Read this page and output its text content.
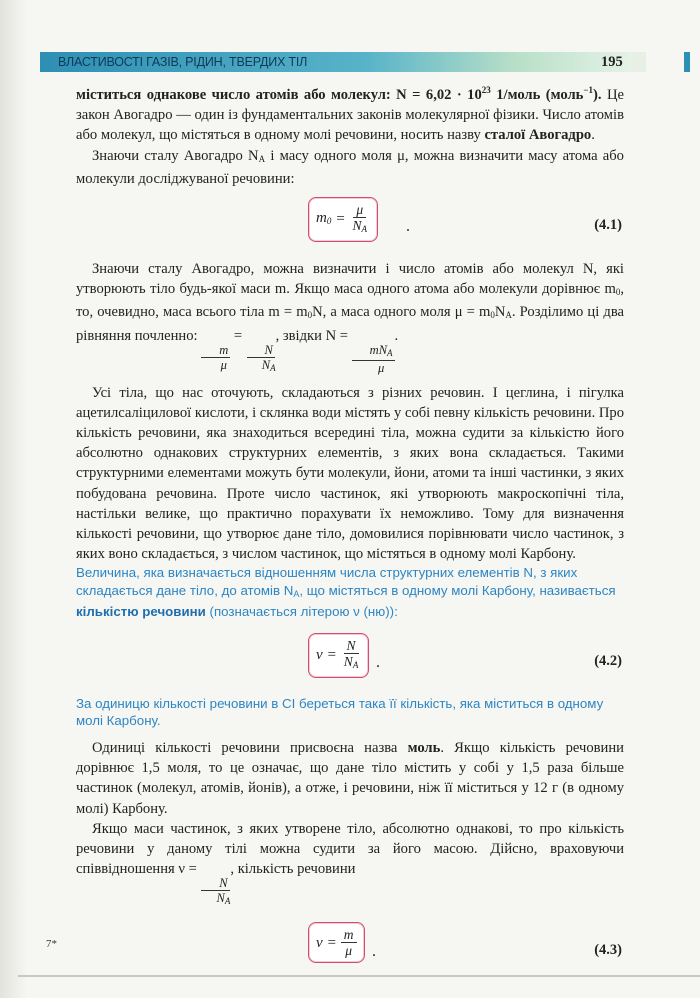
ВЛАСТИВОСТІ ГАЗІВ, РІДИН, ТВЕРДИХ ТІЛ	195

міститься однакове число атомів або молекул: $N = 6,02 \cdot 10^{23}$ 1/моль (моль$^{-1}$). Це закон Авогадро — один із фундаментальних законів молекулярної фізики. Число атомів або молекул, що містяться в одному молі речовини, носить назву сталої Авогадро.

Знаючи сталу Авогадро $N_A$ і масу одного моля μ, можна визначити масу атома або молекули досліджуваної речовини:

$m_0 = \frac{\mu}{N_A}$ .	(4.1)

Знаючи сталу Авогадро, можна визначити і число атомів або молекул N, які утворюють тіло будь-якої маси m. Якщо маса одного атома або молекули дорівнює $m_0$, то, очевидно, маса всього тіла $m = m_0N$, а маса одного моля $\mu = m_0N_A$. Розділимо ці два рівняння почленно:
$\frac{m}{\mu}$
=
$\frac{N}{N_A}$
, звідки N =
$\frac{mN_A}{\mu}$
.

Усі тіла, що нас оточують, складаються з різних речовин. І цеглина, і пігулка ацетилсаліцилової кислоти, і склянка води містять у собі певну кількість речовини. Про кількість речовини, яка знаходиться всередині тіла, можна судити за кількістю його абсолютно однакових структурних елементів, з яких вона складається. Такими структурними елементами можуть бути молекули, йони, атоми та інші частинки, з яких побудована речовина. Проте число частинок, які утворюють макроскопічні тіла, настільки велике, що практично порахувати їх неможливо. Тому для визначення кількості речовини, що утворює дане тіло, домовилися порівнювати число частинок, з яких воно складається, з числом частинок, що містяться в одному молі Карбону.

Величина, яка визначається відношенням числа структурних елементів N, з яких складається дане тіло, до атомів $N_A$, що містяться в одному молі Карбону, називається кількістю речовини (позначається літерою ν (ню)):

$\nu = \frac{N}{N_A}$ .	(4.2)

За одиницю кількості речовини в СІ береться така її кількість, яка міститься в одному молі Карбону.

Одиниці кількості речовини присвоєна назва моль. Якщо кількість речовини дорівнює 1,5 моля, то це означає, що дане тіло містить у собі у 1,5 раза більше частинок (молекул, атомів, йонів), а отже, і речовини, ніж її міститься у 12 г (в одному молі) Карбону.

Якщо маси частинок, з яких утворене тіло, абсолютно однакові, то про кількість речовини у даному тілі можна судити за його масою. Дійсно, враховуючи співвідношення ν =
$\frac{N}{N_A}$
, кількість речовини

$\nu = \frac{m}{\mu}$ .	(4.3)
7*
